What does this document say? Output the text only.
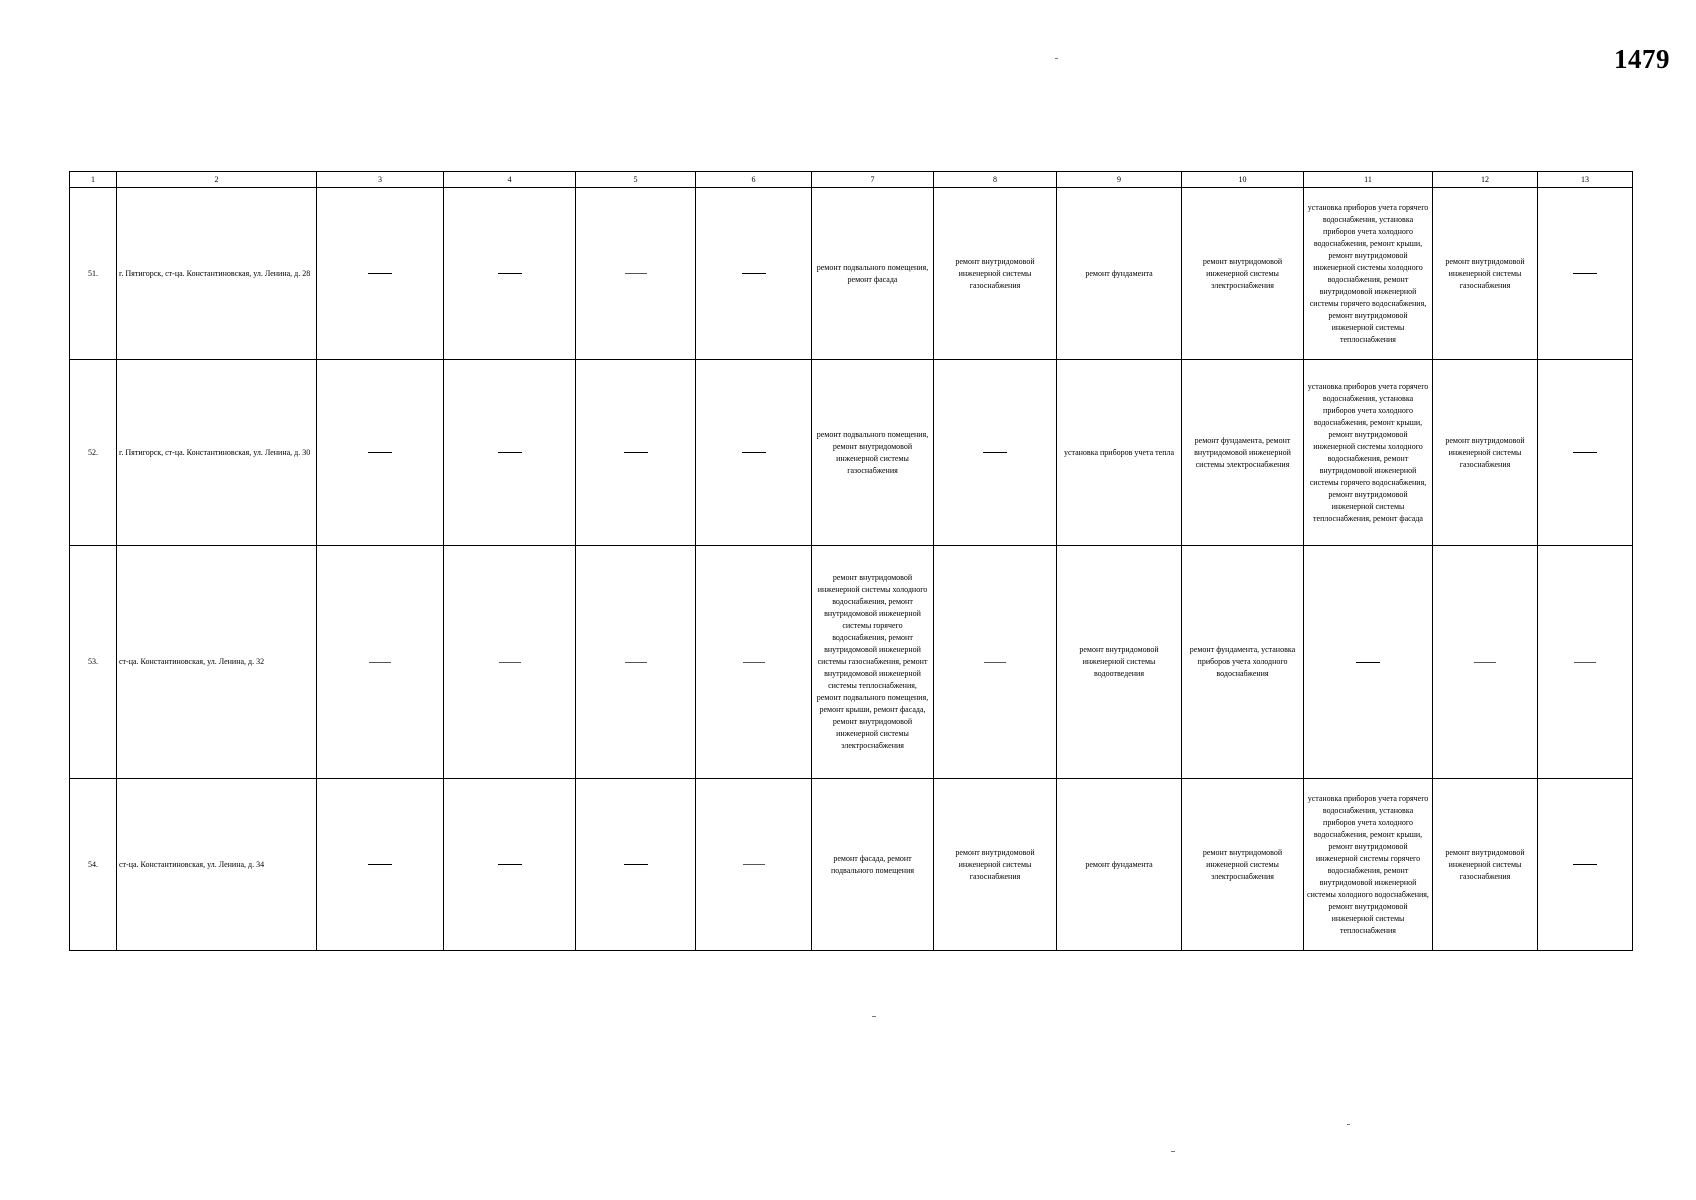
1479
1	2	3	4	5	6	7	8	9	10	11	12	13
51.	г. Пятигорск, ст-ца. Константиновская, ул. Ленина, д. 28					ремонт подвального помещения, ремонт фасада	ремонт внутридомовой инженерной системы газоснабжения	ремонт фундамента	ремонт внутридомовой инженерной системы электроснабжения	установка приборов учета горячего водоснабжения, установка приборов учета холодного водоснабжения, ремонт крыши, ремонт внутридомовой инженерной системы холодного водоснабжения, ремонт внутридомовой инженерной системы горячего водоснабжения, ремонт внутридомовой инженерной системы теплоснабжения	ремонт внутридомовой инженерной системы газоснабжения	
52.	г. Пятигорск, ст-ца. Константиновская, ул. Ленина, д. 30					ремонт подвального помещения, ремонт внутридомовой инженерной системы газоснабжения		установка приборов учета тепла	ремонт фундамента, ремонт внутридомовой инженерной системы электроснабжения	установка приборов учета горячего водоснабжения, установка приборов учета холодного водоснабжения, ремонт крыши, ремонт внутридомовой инженерной системы холодного водоснабжения, ремонт внутридомовой инженерной системы горячего водоснабжения, ремонт внутридомовой инженерной системы теплоснабжения, ремонт фасада	ремонт внутридомовой инженерной системы газоснабжения	
53.	ст-ца. Константиновская, ул. Ленина, д. 32					ремонт внутридомовой инженерной системы холодного водоснабжения, ремонт внутридомовой инженерной системы горячего водоснабжения, ремонт внутридомовой инженерной системы газоснабжения, ремонт внутридомовой инженерной системы теплоснабжения, ремонт подвального помещения, ремонт крыши, ремонт фасада, ремонт внутридомовой инженерной системы электроснабжения		ремонт внутридомовой инженерной системы водоотведения	ремонт фундамента, установка приборов учета холодного водоснабжения			
54.	ст-ца. Константиновская, ул. Ленина, д. 34					ремонт фасада, ремонт подвального помещения	ремонт внутридомовой инженерной системы газоснабжения	ремонт фундамента	ремонт внутридомовой инженерной системы электроснабжения	установка приборов учета горячего водоснабжения, установка приборов учета холодного водоснабжения, ремонт крыши, ремонт внутридомовой инженерной системы горячего водоснабжения, ремонт внутридомовой инженерной системы холодного водоснабжения, ремонт внутридомовой инженерной системы теплоснабжения	ремонт внутридомовой инженерной системы газоснабжения	
